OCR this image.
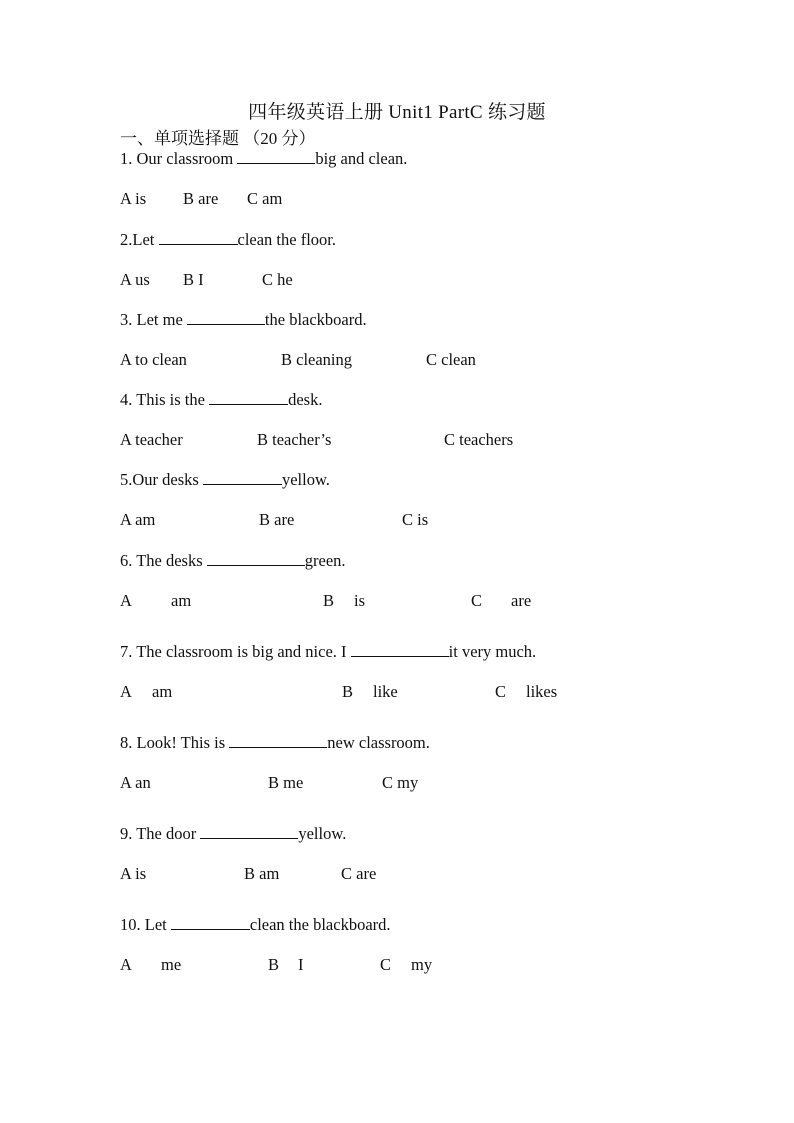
四年级英语上册 Unit1 PartC 练习题
一、单项选择题 （20 分）
1. Our classroom	big and clean.
A is B are C am
2.Let	clean the floor.
A us B I	C he
3. Let me	the blackboard.
A to clean	B cleaning	C clean
4. This is the	desk.
A teacher	B teacher’s	C teachers
5.Our desks	yellow.
A am	B are	C is
6. The desks	green.
A am	B is	C are
7. The classroom is big and nice. I	it very much.
A am	B like	C likes
8. Look! This is	new classroom.
A an	B me	C my
9. The door	yellow.
A is	B am	C are
10. Let	clean the blackboard.
A me	B I	C my
